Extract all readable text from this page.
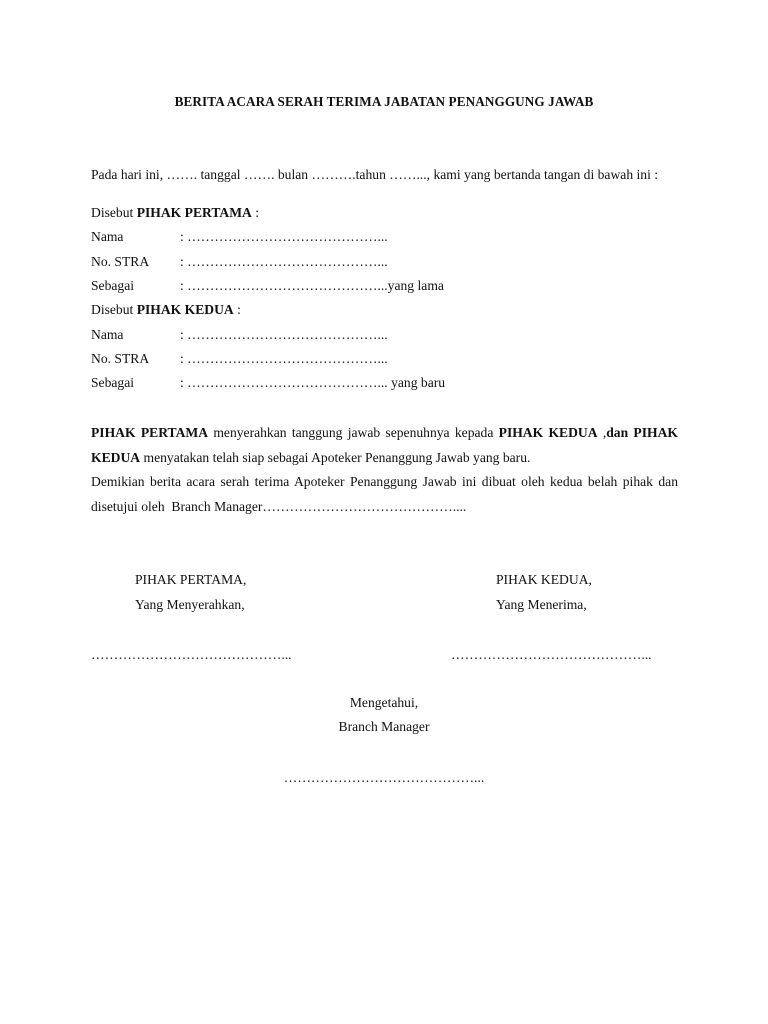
BERITA ACARA SERAH TERIMA JABATAN PENANGGUNG JAWAB
Pada hari ini, ……. tanggal ……. bulan ……….tahun ……..., kami yang bertanda tangan di bawah ini :
Disebut PIHAK PERTAMA :
Nama	: ……………………………………...
No. STRA : ……………………………………...
Sebagai	: ……………………………………...yang lama
Disebut PIHAK KEDUA :
Nama	: ……………………………………...
No. STRA : ……………………………………...
Sebagai	: ……………………………………... yang baru
PIHAK PERTAMA menyerahkan tanggung jawab sepenuhnya kepada PIHAK KEDUA ,dan PIHAK
KEDUA menyatakan telah siap sebagai Apoteker Penanggung Jawab yang baru.
Demikian berita acara serah terima Apoteker Penanggung Jawab ini dibuat oleh kedua belah pihak dan
disetujui oleh  Branch Manager……………………………………....
PIHAK PERTAMA,
Yang Menyerahkan,
……………………………………...
PIHAK KEDUA,
Yang Menerima,
……………………………………...
Mengetahui,
Branch Manager
……………………………………...
